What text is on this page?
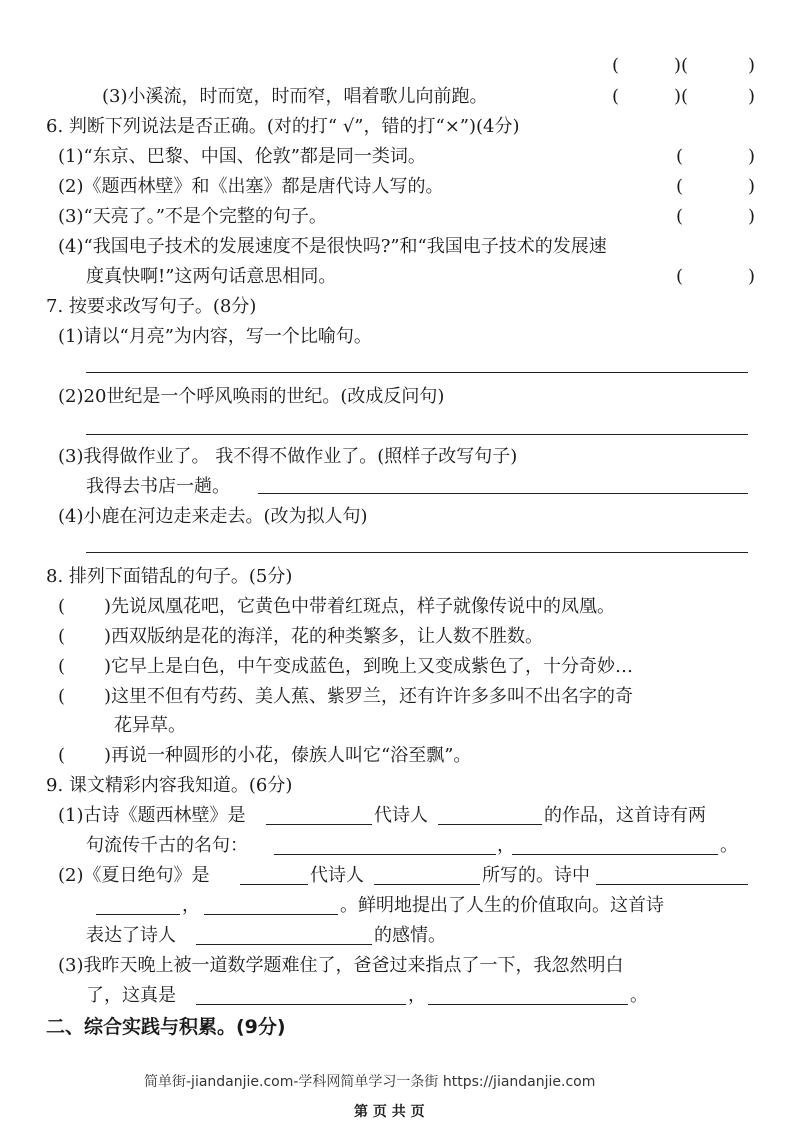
(	)(	)
(3)小溪流，时而宽，时而窄，唱着歌儿向前跑。	(	)(	)
6. 判断下列说法是否正确。(对的打“ √”，错的打“×”)(4分)
(1)“东京、巴黎、中国、伦敦”都是同一类词。	(	)
(2)《题西林壁》和《出塞》都是唐代诗人写的。	(	)
(3)“天亮了。”不是个完整的句子。	(	)
(4)“我国电子技术的发展速度不是很快吗?”和“我国电子技术的发展速
度真快啊!”这两句话意思相同。	(	)
7. 按要求改写句子。(8分)
(1)请以“月亮”为内容，写一个比喻句。
(2)20世纪是一个呼风唤雨的世纪。(改成反问句)
(3)我得做作业了。 我不得不做作业了。(照样子改写句子)
我得去书店一趟。
(4)小鹿在河边走来走去。(改为拟人句)
8. 排列下面错乱的句子。(5分)
( )先说凤凰花吧，它黄色中带着红斑点，样子就像传说中的凤凰。
( )西双版纳是花的海洋，花的种类繁多，让人数不胜数。
( )它早上是白色，中午变成蓝色，到晚上又变成紫色了，十分奇妙…
( )这里不但有芍药、美人蕉、紫罗兰，还有许许多多叫不出名字的奇
花异草。
( )再说一种圆形的小花，傣族人叫它“浴至飘”。
9. 课文精彩内容我知道。(6分)
(1)古诗《题西林壁》是	代诗人	的作品，这首诗有两
句流传千古的名句：	，	。
(2)《夏日绝句》是	代诗人	所写的。诗中
，	。鲜明地提出了人生的价值取向。这首诗
表达了诗人	的感情。
(3)我昨天晚上被一道数学题难住了，爸爸过来指点了一下，我忽然明白
了，这真是	，	。
二、综合实践与积累。(9分)
简单街-jiandanjie.com-学科网简单学习一条街 https://jiandanjie.com
第 页 共 页
